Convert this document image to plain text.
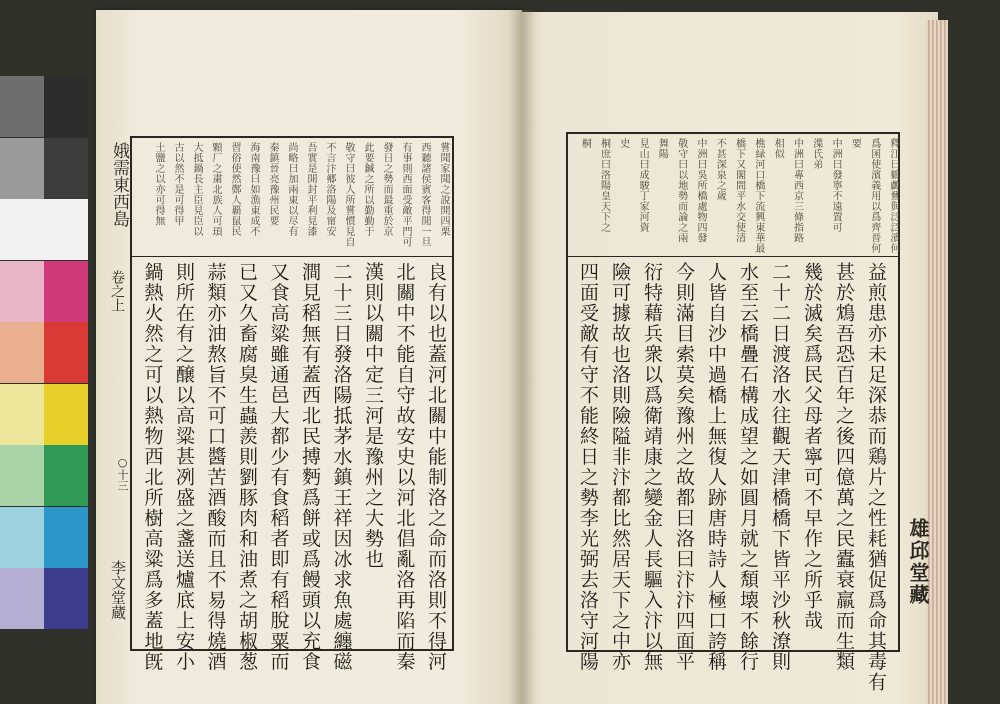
娥需東西島
卷之上
○十三
李文堂蔵
嘗聞家聞之說開四栗
西聽諸侯賓客得閒一旦
有事則西面受敵平門可
發日之勢而最重於京
此要鍼之所以勤勤于
敬守曰彼人所嘗慣見自
不言汴郷洛陽及甯安
吾實是開封平利見漆
尚略曰加兩東以尽有
秦鎮晉亮豫州民要
海南豫曰如漁東成不
習俗使然鄭人覇鼠民
顆厂之粛北族人可頊
大抵鍋長主臣見臣以
古以然不是可得甲
土鹽之以亦可得無
良有以也蓋河北關中能制洛之命而洛則不得河
北關中不能自守故安史以河北倡亂洛再陷而秦
漢則以關中定三河是豫州之大勢也
二十三日發洛陽抵茅水鎮王祥因冰求魚處纏磁
澗見稻無有蓋西北民搏麪爲餅或爲饅頭以充食
又食高粱雖通邑大都少有食稻者即有稻脫粟而
已又久畜腐臭生蟲羨則劉豚肉和油煮之胡椒葱
蒜類亦油熬旨不可口醬苦酒酸而且不易得燒酒
則所在有之醸以高粱甚冽盛之盞送爐底上安小
鍋熱火然之可以熱物西北所樹高粱爲多蓋地旣
釋江曰鶴鸕鶿與泛泛濱何
爲囷使濱義用以爲齊晉何
要
中洲曰發寧不遠置可
渫氏弟
中洲曰專西京三條指路
相似
樵緑河口橋下流興東華最
橋下又閣間平水交使清
不甚深泉之歲
中洲曰吳所橋處物四發
敬守曰以地勢而論之兩
舞陽
見山曰成駿丁家河資
史
桐庶曰洛陽皇天下之
桐
益煎患亦未足深恭而鶏片之性耗猶促爲命其毒有
甚於鴆吾恐百年之後四億萬之民蠹衰羸而生類
幾於滅矣爲民父母者寧可不早作之所乎哉
二十二日渡洛水往觀天津橋橋下皆平沙秋潦則
水至云橋疊石構成望之如圓月就之頽壊不餘行
人皆自沙中過橋上無復人跡唐時詩人極口誇稱
今則滿目索莫矣豫州之故都曰洛曰汴汴四面平
衍特藉兵衆以爲衛靖康之變金人長驅入汴以無
險可據故也洛則險隘非汴都比然居天下之中亦
四面受敵有守不能終日之勢李光弼去洛守河陽	雄邱堂藏
